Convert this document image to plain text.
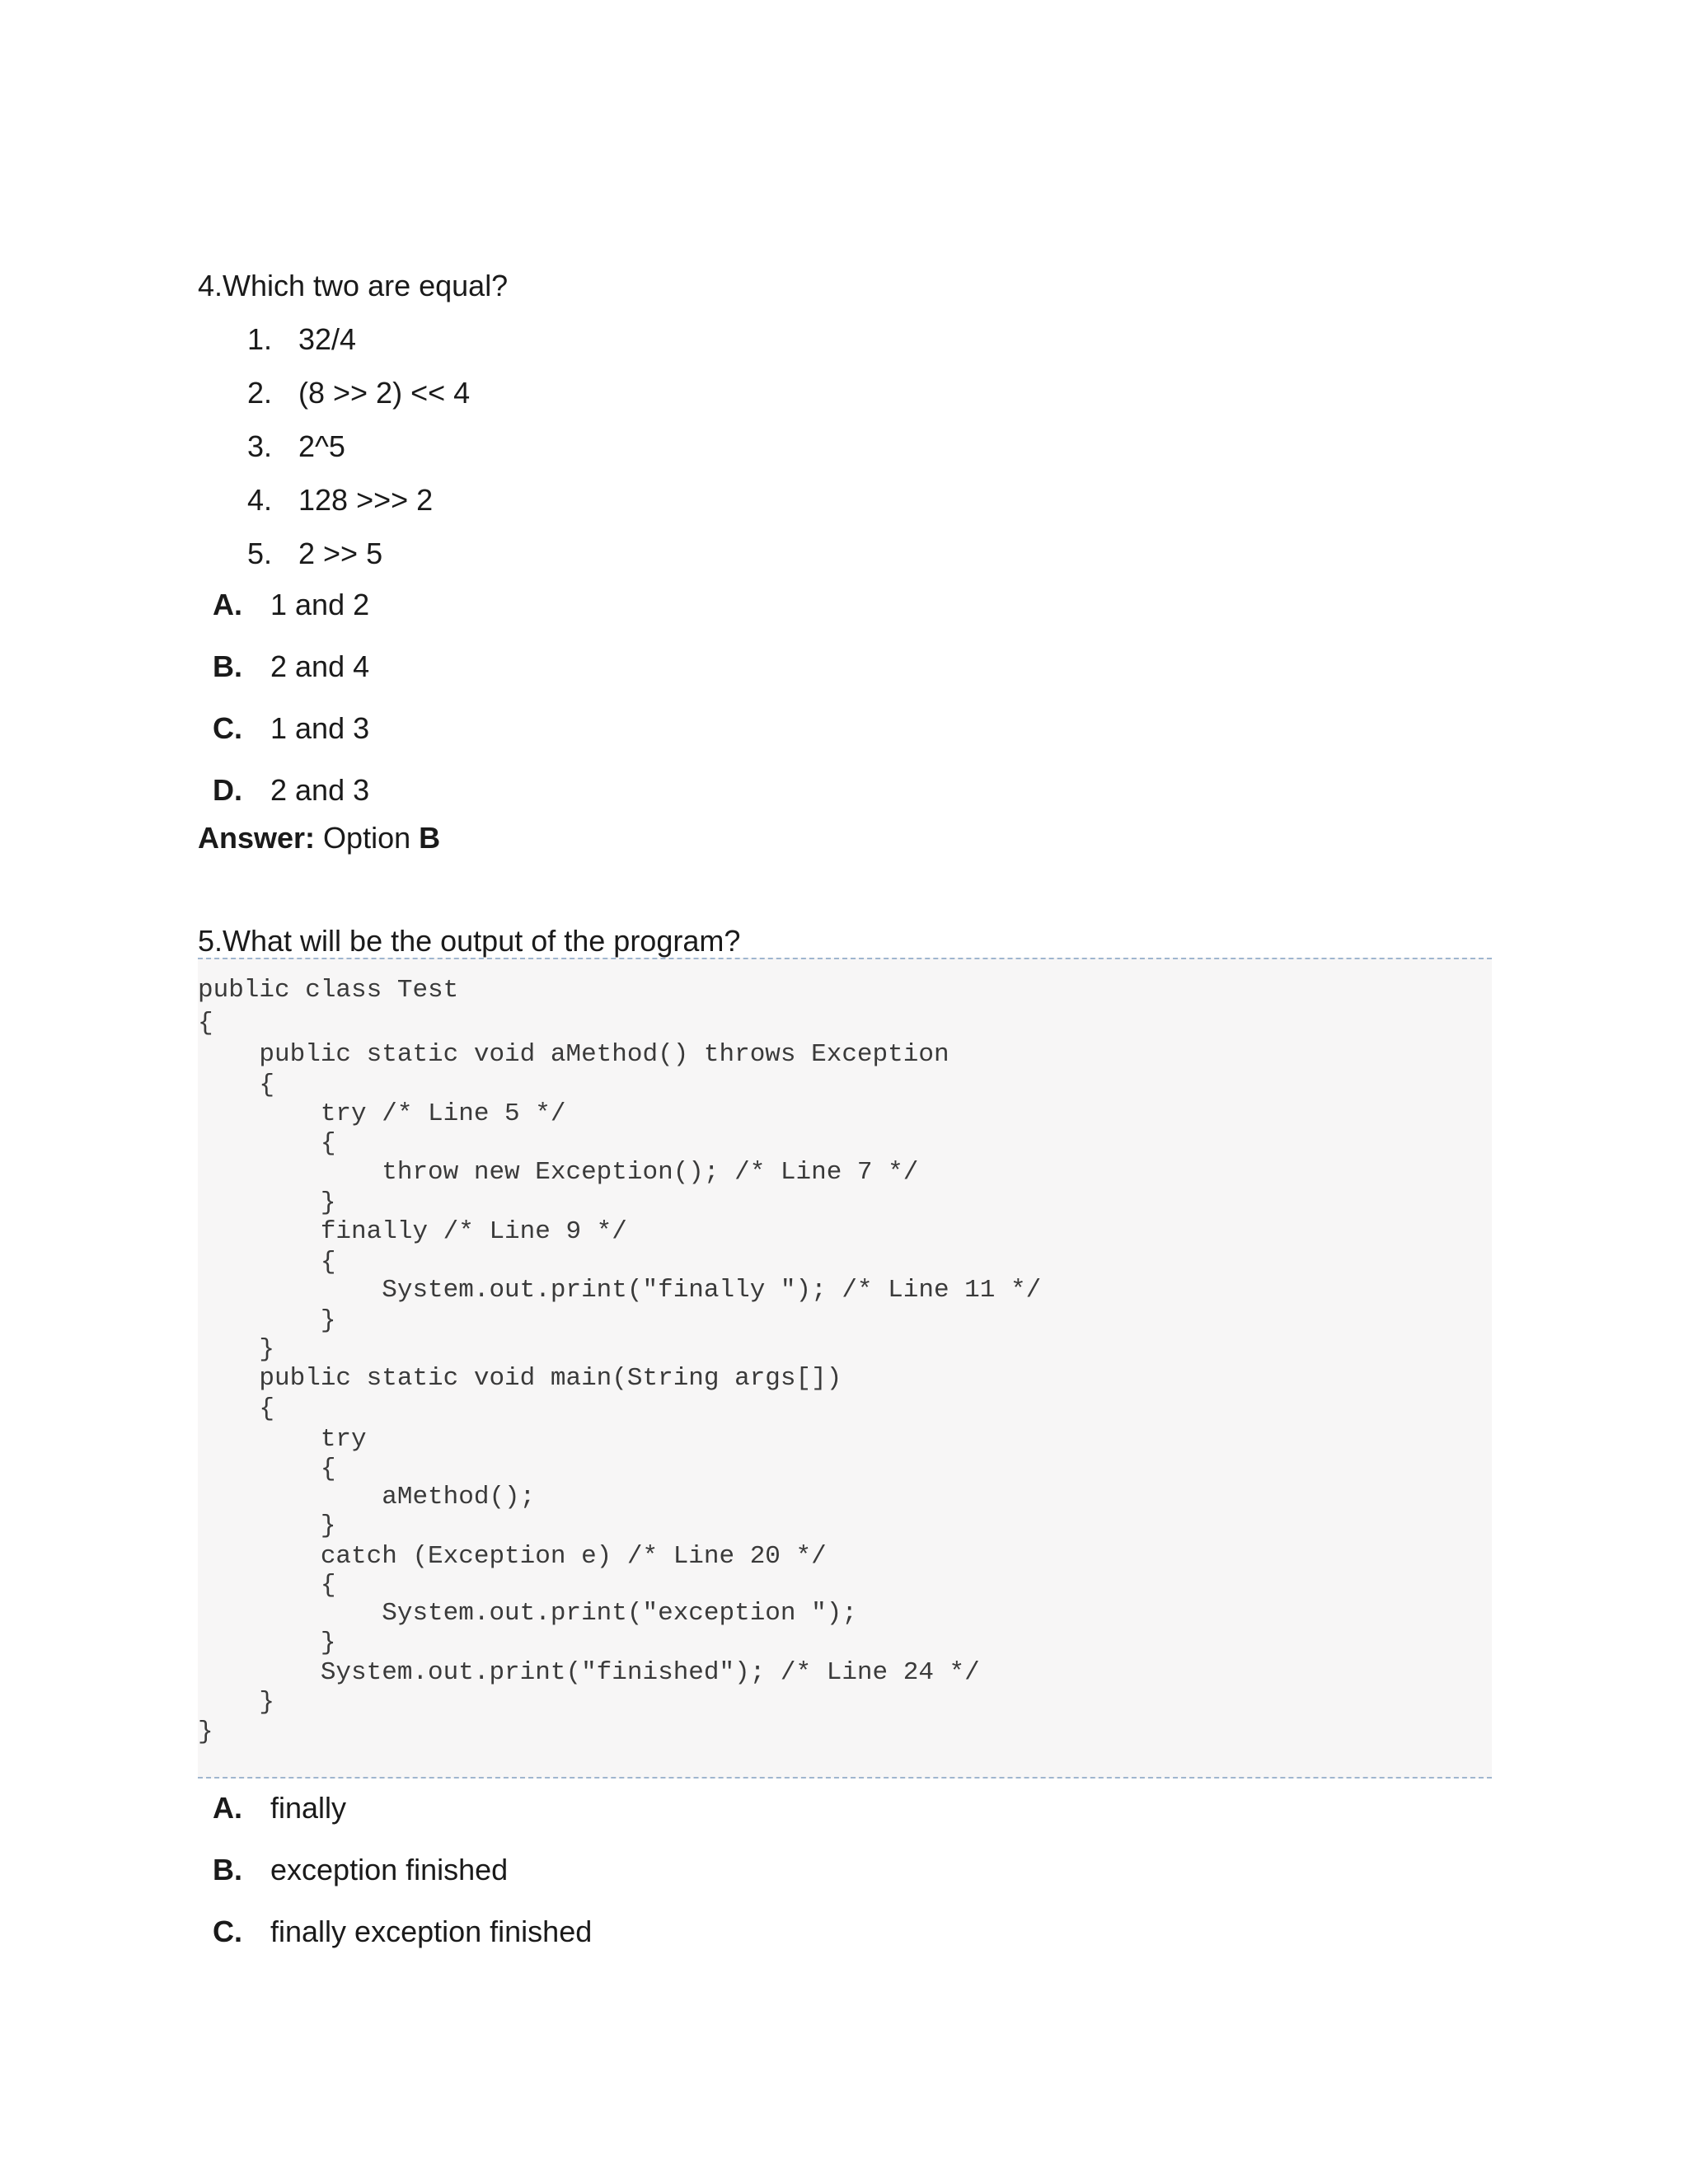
4.Which two are equal?
1. 32/4
2. (8 >> 2) << 4
3. 2^5
4. 128 >>> 2
5. 2 >> 5
A. 1 and 2
B. 2 and 4
C. 1 and 3
D. 2 and 3
Answer: Option B
5.What will be the output of the program?
public class Test
{
public static void aMethod() throws Exception
{
try /* Line 5 */
{
throw new Exception(); /* Line 7 */
}
finally /* Line 9 */
{
System.out.print("finally "); /* Line 11 */
}
}
public static void main(String args[])
{
try
{
aMethod();
}
catch (Exception e) /* Line 20 */
{
System.out.print("exception ");
}
System.out.print("finished"); /* Line 24 */
}
}
A. finally
B. exception finished
C. finally exception finished
